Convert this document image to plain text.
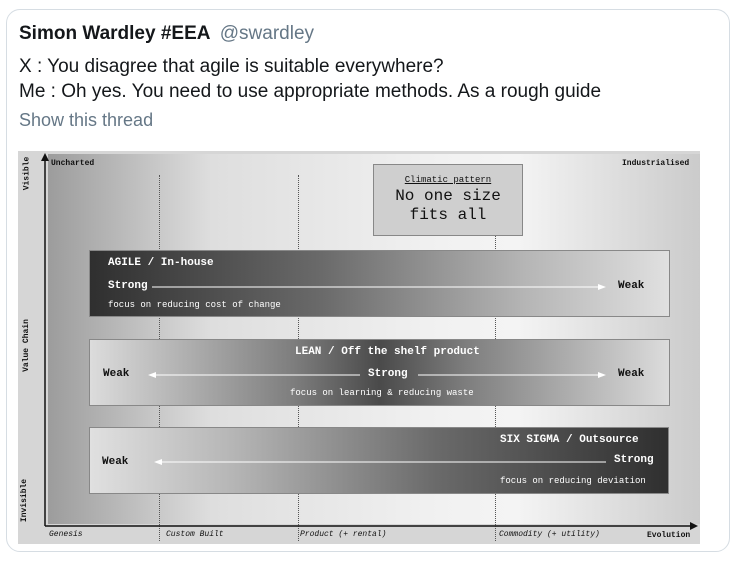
Simon Wardley #EEA @swardley
X : You disagree that agile is suitable everywhere?
Me : Oh yes. You need to use appropriate methods. As a rough guide
Show this thread
Uncharted	Industrialised
Visible
Value Chain
Invisible
Genesis	Custom Built	Product (+ rental)	Commodity (+ utility)	Evolution
Climatic pattern
No one size
fits all
AGILE / In-house
Strong	Weak
focus on reducing cost of change
LEAN / Off the shelf product
Weak	Strong	Weak
focus on learning & reducing waste
SIX SIGMA / Outsource
Weak	Strong
focus on reducing deviation
